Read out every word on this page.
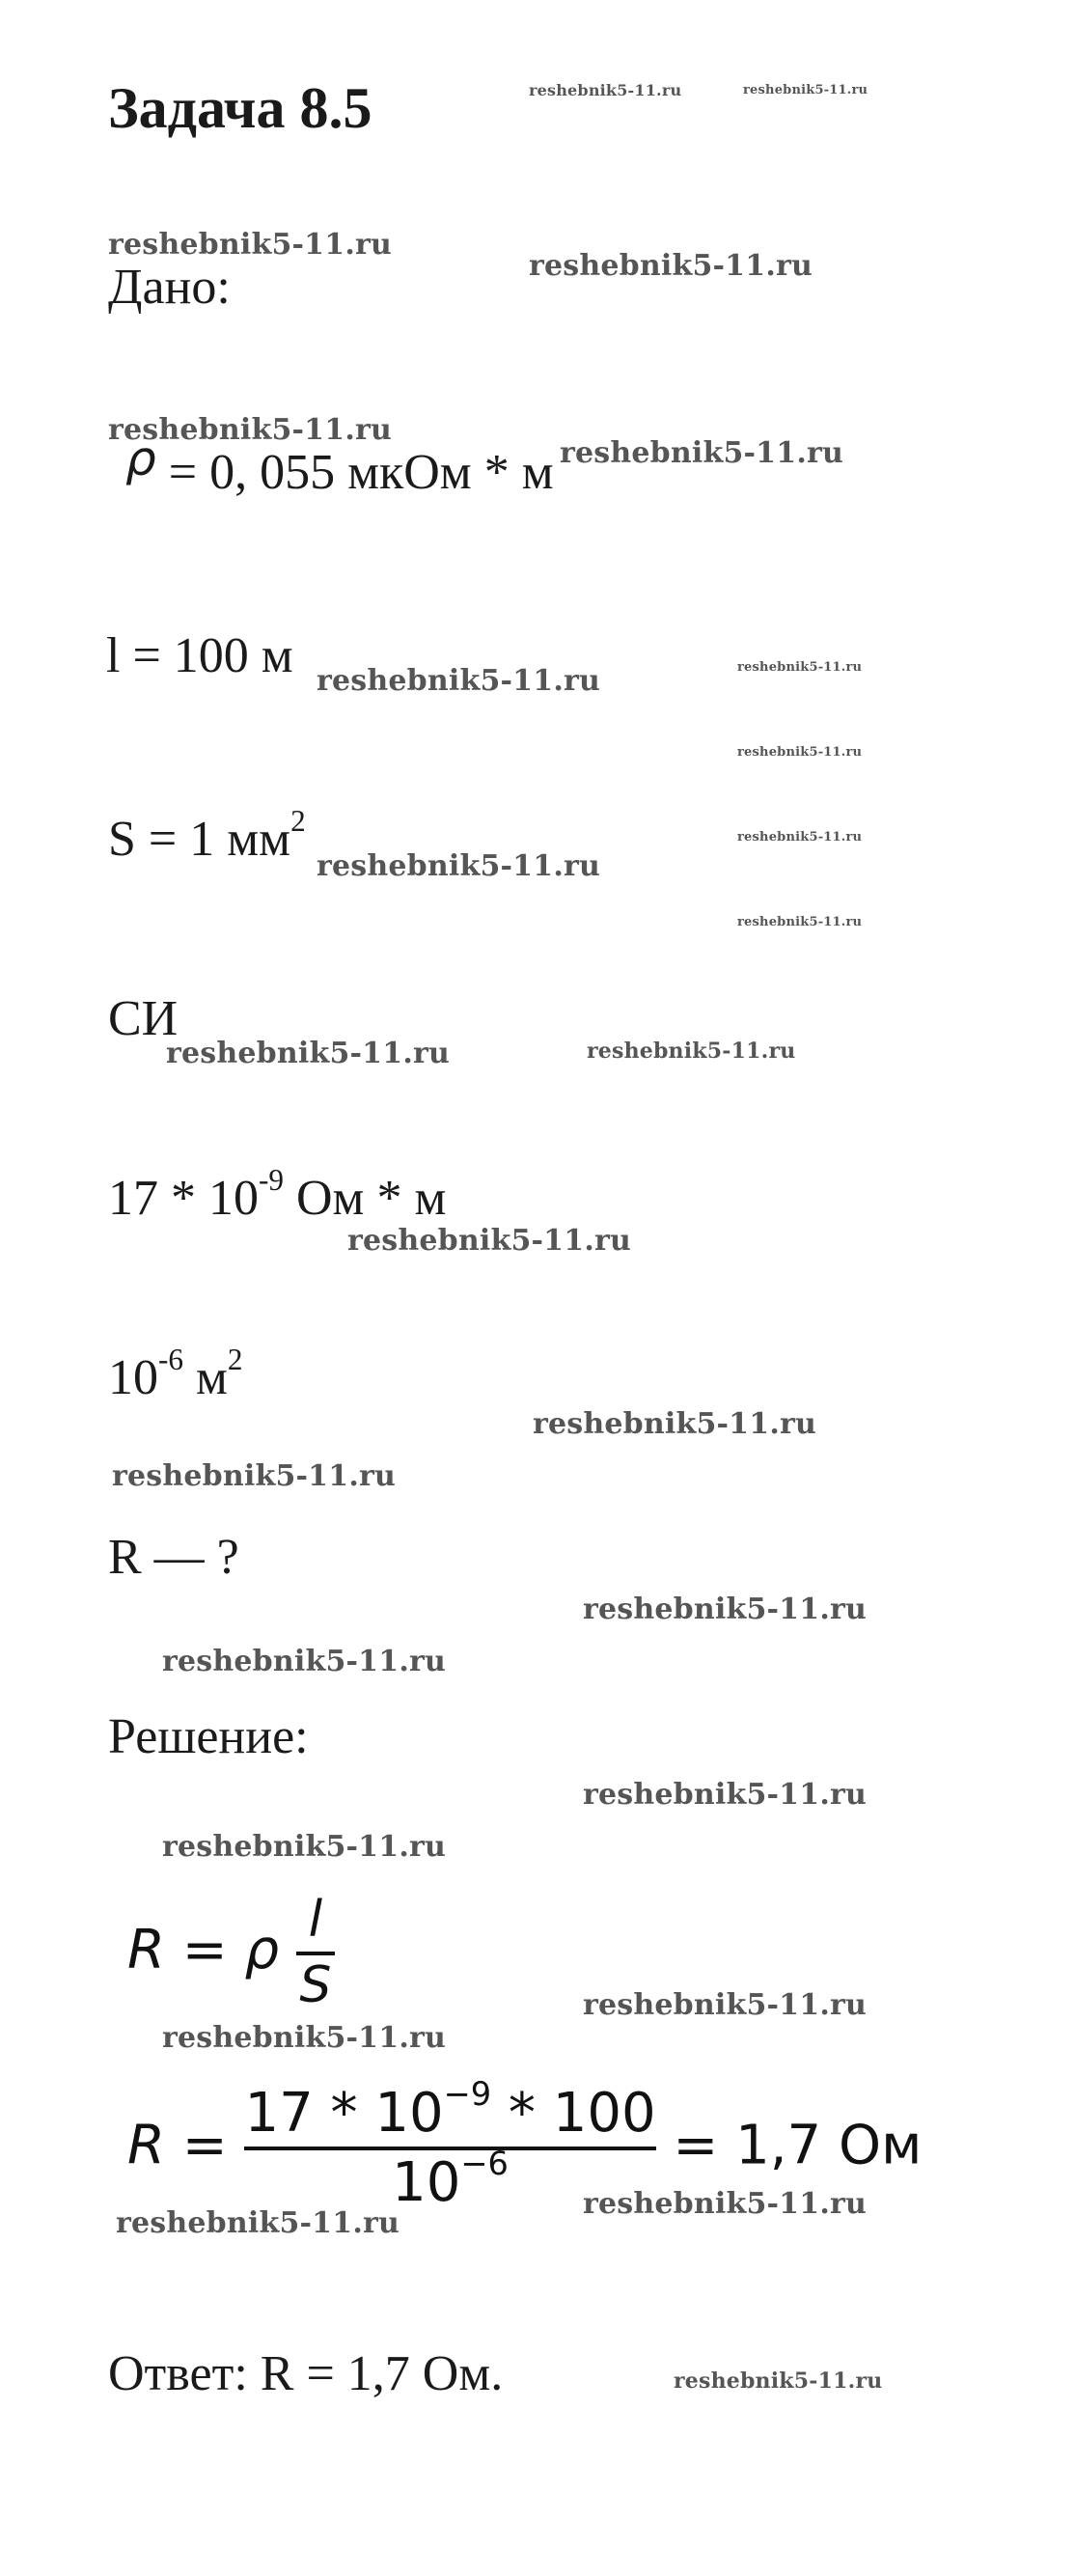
Задача 8.5
Дано:
ρ = 0, 055 мкОм * м
l = 100 м
S = 1 $мм^2$
СИ
$17 * 10^{-9}$ Ом * м
$10^{-6}$ $м^2$
R — ?
Решение:
R = ρ $\frac{l}{S}$
$R = \frac{17 * 10^{-9} * 100}{10^{-6}} = 1,7$ Ом
Ответ: R = 1,7 Ом.
reshebnik5-11.ru	reshebnik5-11.ru
reshebnik5-11.ru
reshebnik5-11.ru
reshebnik5-11.ru
reshebnik5-11.ru
reshebnik5-11.ru	reshebnik5-11.ru
reshebnik5-11.ru
reshebnik5-11.ru
reshebnik5-11.ru
reshebnik5-11.ru
reshebnik5-11.ru	reshebnik5-11.ru
reshebnik5-11.ru
reshebnik5-11.ru
reshebnik5-11.ru
reshebnik5-11.ru
reshebnik5-11.ru
reshebnik5-11.ru
reshebnik5-11.ru
reshebnik5-11.ru
reshebnik5-11.ru
reshebnik5-11.ru
reshebnik5-11.ru
reshebnik5-11.ru
